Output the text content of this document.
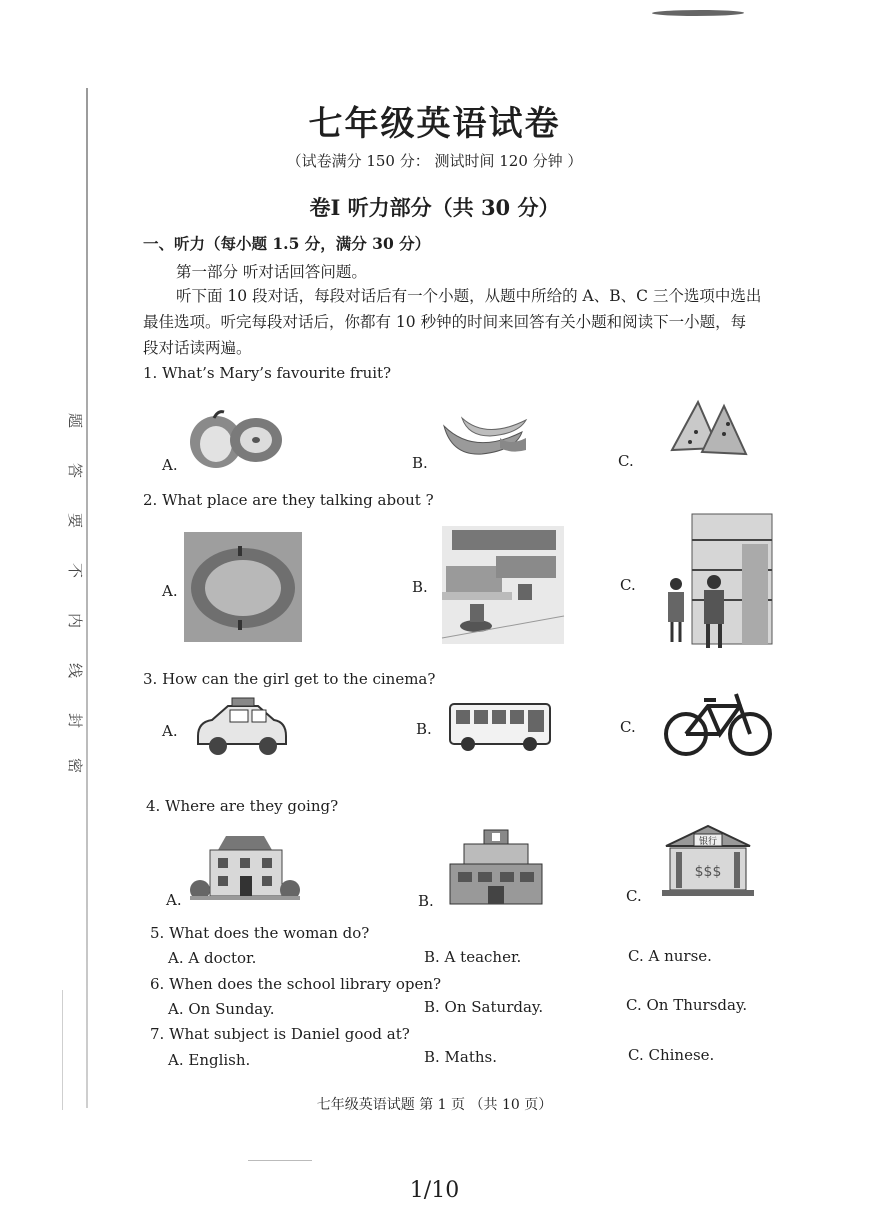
题
答
要
不
内
线
封
密
七年级英语试卷
（试卷满分 150 分： 测试时间 120 分钟 ）
卷I 听力部分（共 30 分）
一、听力（每小题 1.5 分，满分 30 分）
第一部分 听对话回答问题。
听下面 10 段对话，每段对话后有一个小题，从题中所给的 A、B、C 三个选项中选出
最佳选项。听完每段对话后，你都有 10 秒钟的时间来回答有关小题和阅读下一小题，每
段对话读两遍。
1. What’s Mary’s favourite fruit?
A.	B.	C.
2. What place are they talking about ?
A.	B.	C.
3. How can the girl get to the cinema?
A.	B.	C.
4. Where are they going?
A.	B.	C.
银行
$$$
5. What does the woman do?
A. A doctor.	B. A teacher.	C. A nurse.
6. When does the school library open?
A. On Sunday.	B. On Saturday.	C. On Thursday.
7. What subject is Daniel good at?
A. English.	B. Maths.	C. Chinese.
七年级英语试题 第 1 页 （共 10 页）
1/10
